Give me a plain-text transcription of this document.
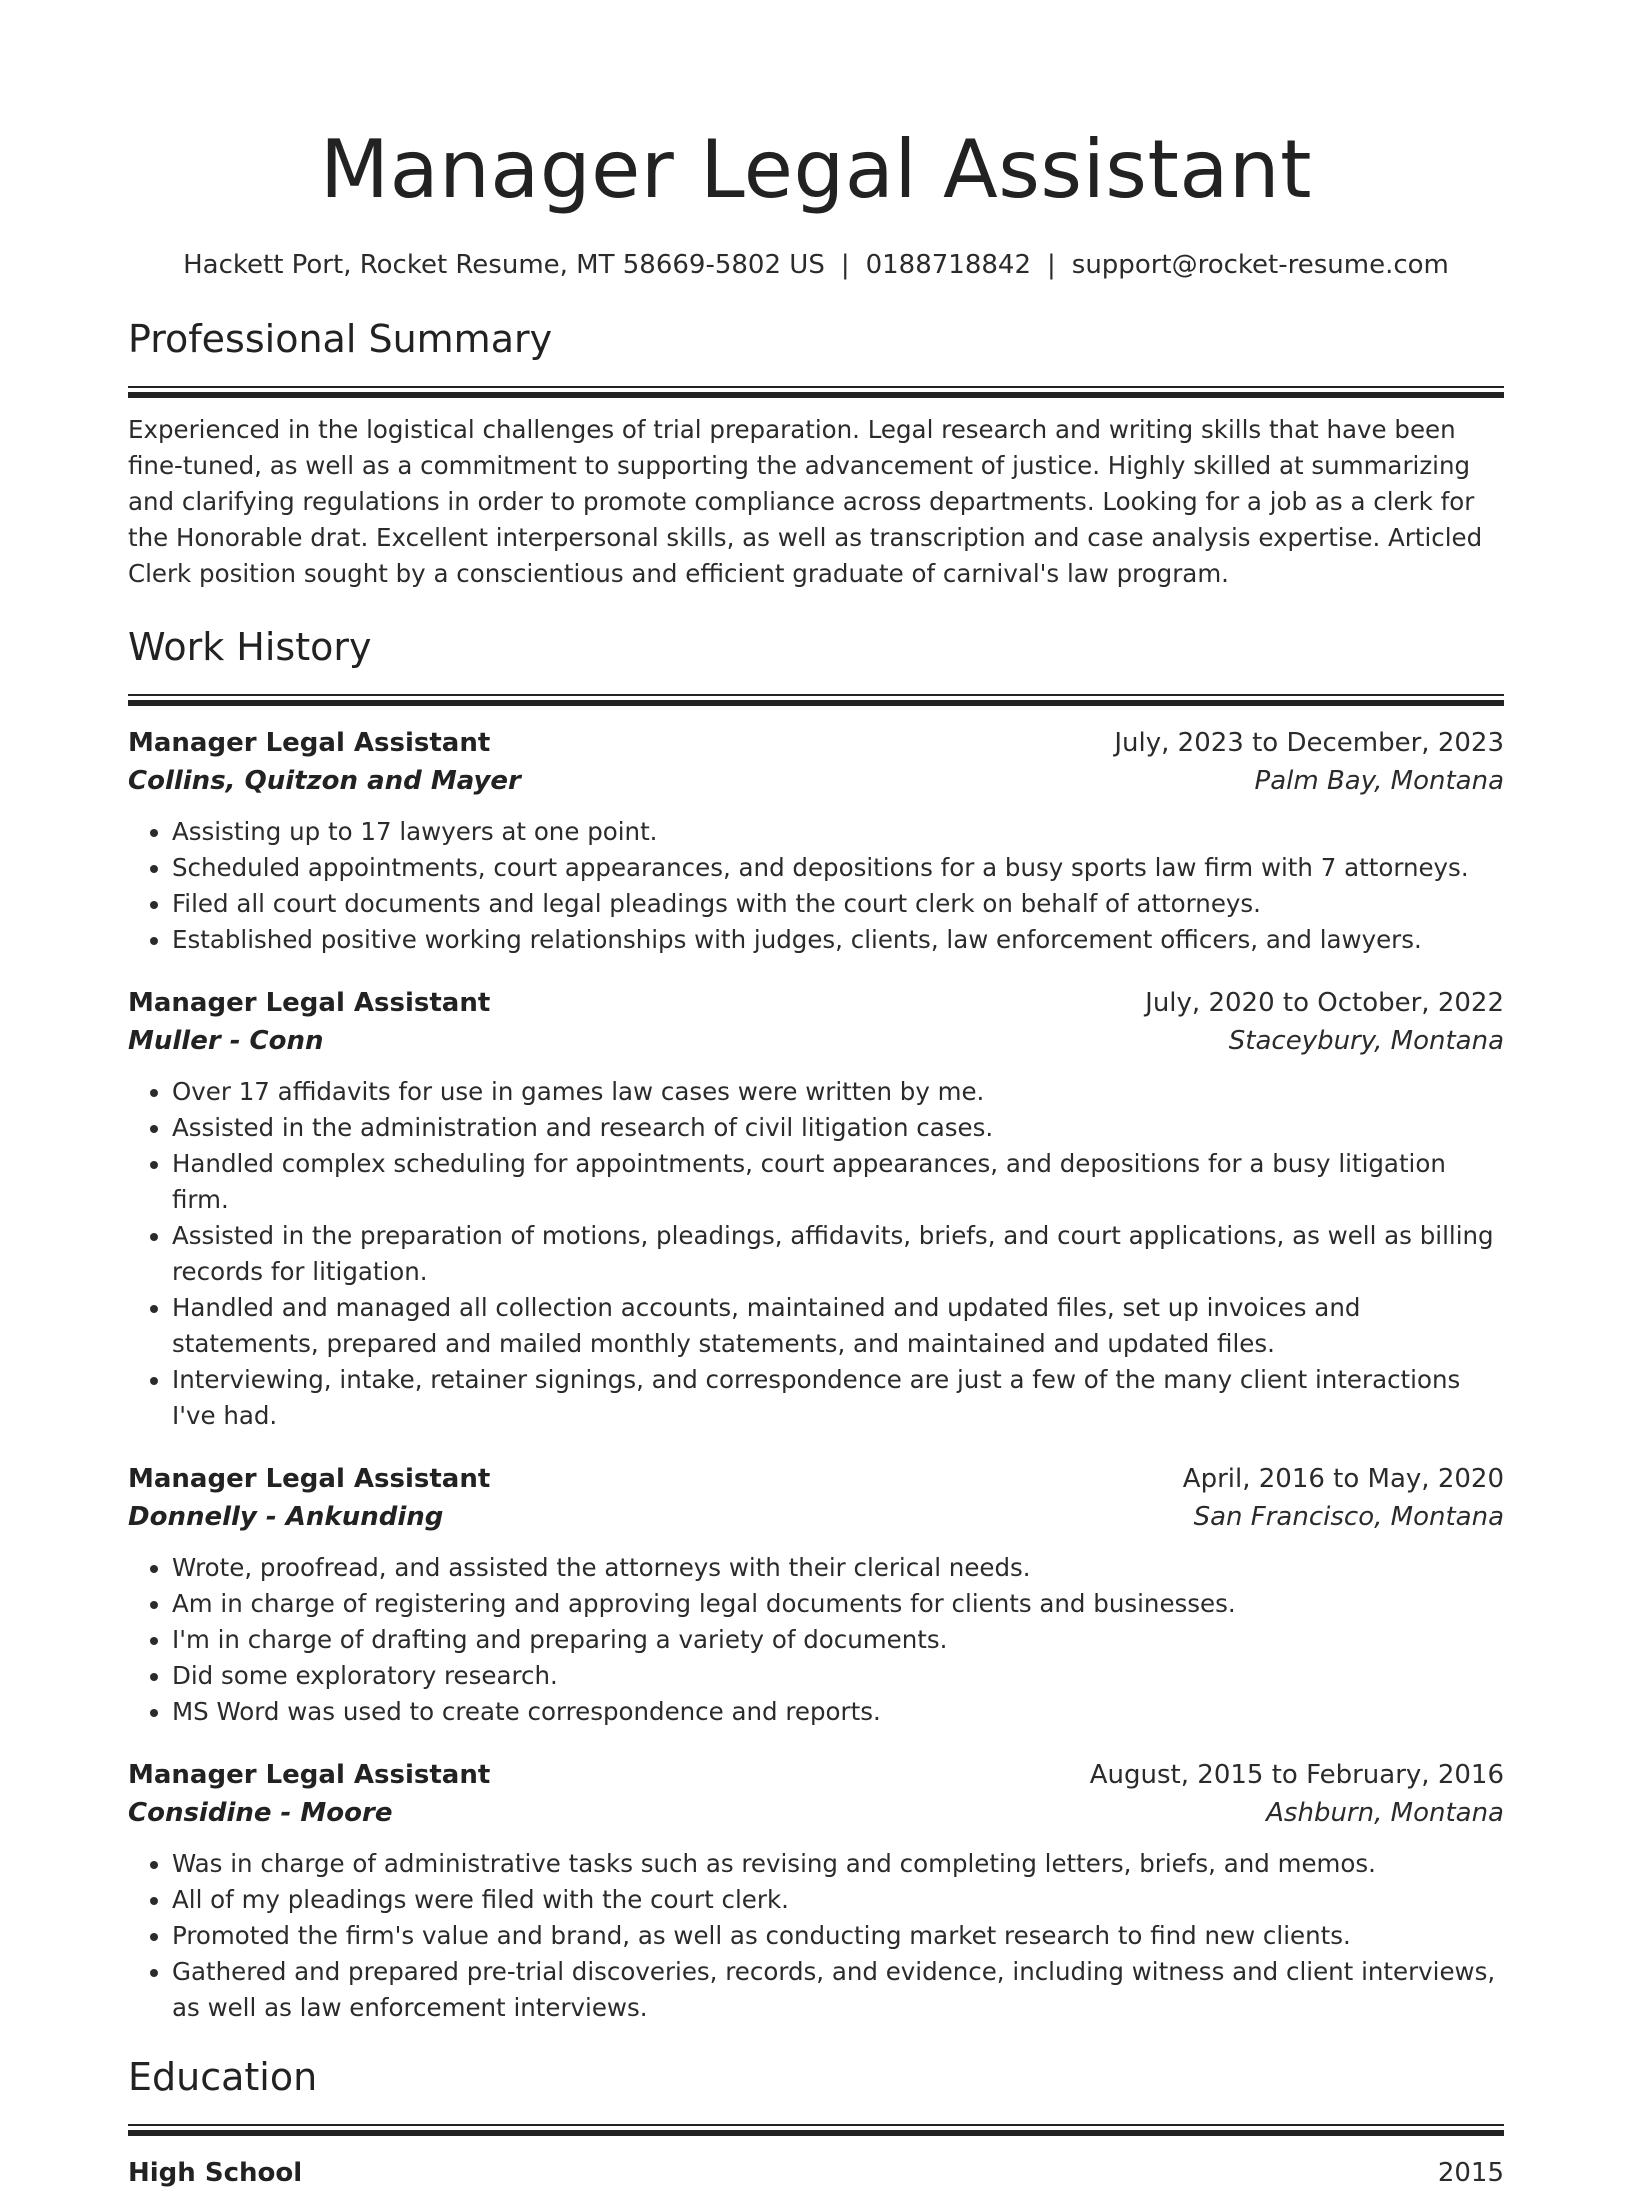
Manager Legal Assistant
Hackett Port, Rocket Resume, MT 58669-5802 US | 0188718842 | support@rocket-resume.com
Professional Summary
Experienced in the logistical challenges of trial preparation. Legal research and writing skills that have been fine-tuned, as well as a commitment to supporting the advancement of justice. Highly skilled at summarizing and clarifying regulations in order to promote compliance across departments. Looking for a job as a clerk for the Honorable drat. Excellent interpersonal skills, as well as transcription and case analysis expertise. Articled Clerk position sought by a conscientious and efficient graduate of carnival's law program.
Work History
Manager Legal Assistant	July, 2023 to December, 2023
Collins, Quitzon and Mayer	Palm Bay, Montana
• Assisting up to 17 lawyers at one point.
• Scheduled appointments, court appearances, and depositions for a busy sports law firm with 7 attorneys.
• Filed all court documents and legal pleadings with the court clerk on behalf of attorneys.
• Established positive working relationships with judges, clients, law enforcement officers, and lawyers.
Manager Legal Assistant	July, 2020 to October, 2022
Muller - Conn	Staceybury, Montana
• Over 17 affidavits for use in games law cases were written by me.
• Assisted in the administration and research of civil litigation cases.
• Handled complex scheduling for appointments, court appearances, and depositions for a busy litigation firm.
• Assisted in the preparation of motions, pleadings, affidavits, briefs, and court applications, as well as billing records for litigation.
• Handled and managed all collection accounts, maintained and updated files, set up invoices and statements, prepared and mailed monthly statements, and maintained and updated files.
• Interviewing, intake, retainer signings, and correspondence are just a few of the many client interactions I've had.
Manager Legal Assistant	April, 2016 to May, 2020
Donnelly - Ankunding	San Francisco, Montana
• Wrote, proofread, and assisted the attorneys with their clerical needs.
• Am in charge of registering and approving legal documents for clients and businesses.
• I'm in charge of drafting and preparing a variety of documents.
• Did some exploratory research.
• MS Word was used to create correspondence and reports.
Manager Legal Assistant	August, 2015 to February, 2016
Considine - Moore	Ashburn, Montana
• Was in charge of administrative tasks such as revising and completing letters, briefs, and memos.
• All of my pleadings were filed with the court clerk.
• Promoted the firm's value and brand, as well as conducting market research to find new clients.
• Gathered and prepared pre-trial discoveries, records, and evidence, including witness and client interviews, as well as law enforcement interviews.
Education
High School	2015
